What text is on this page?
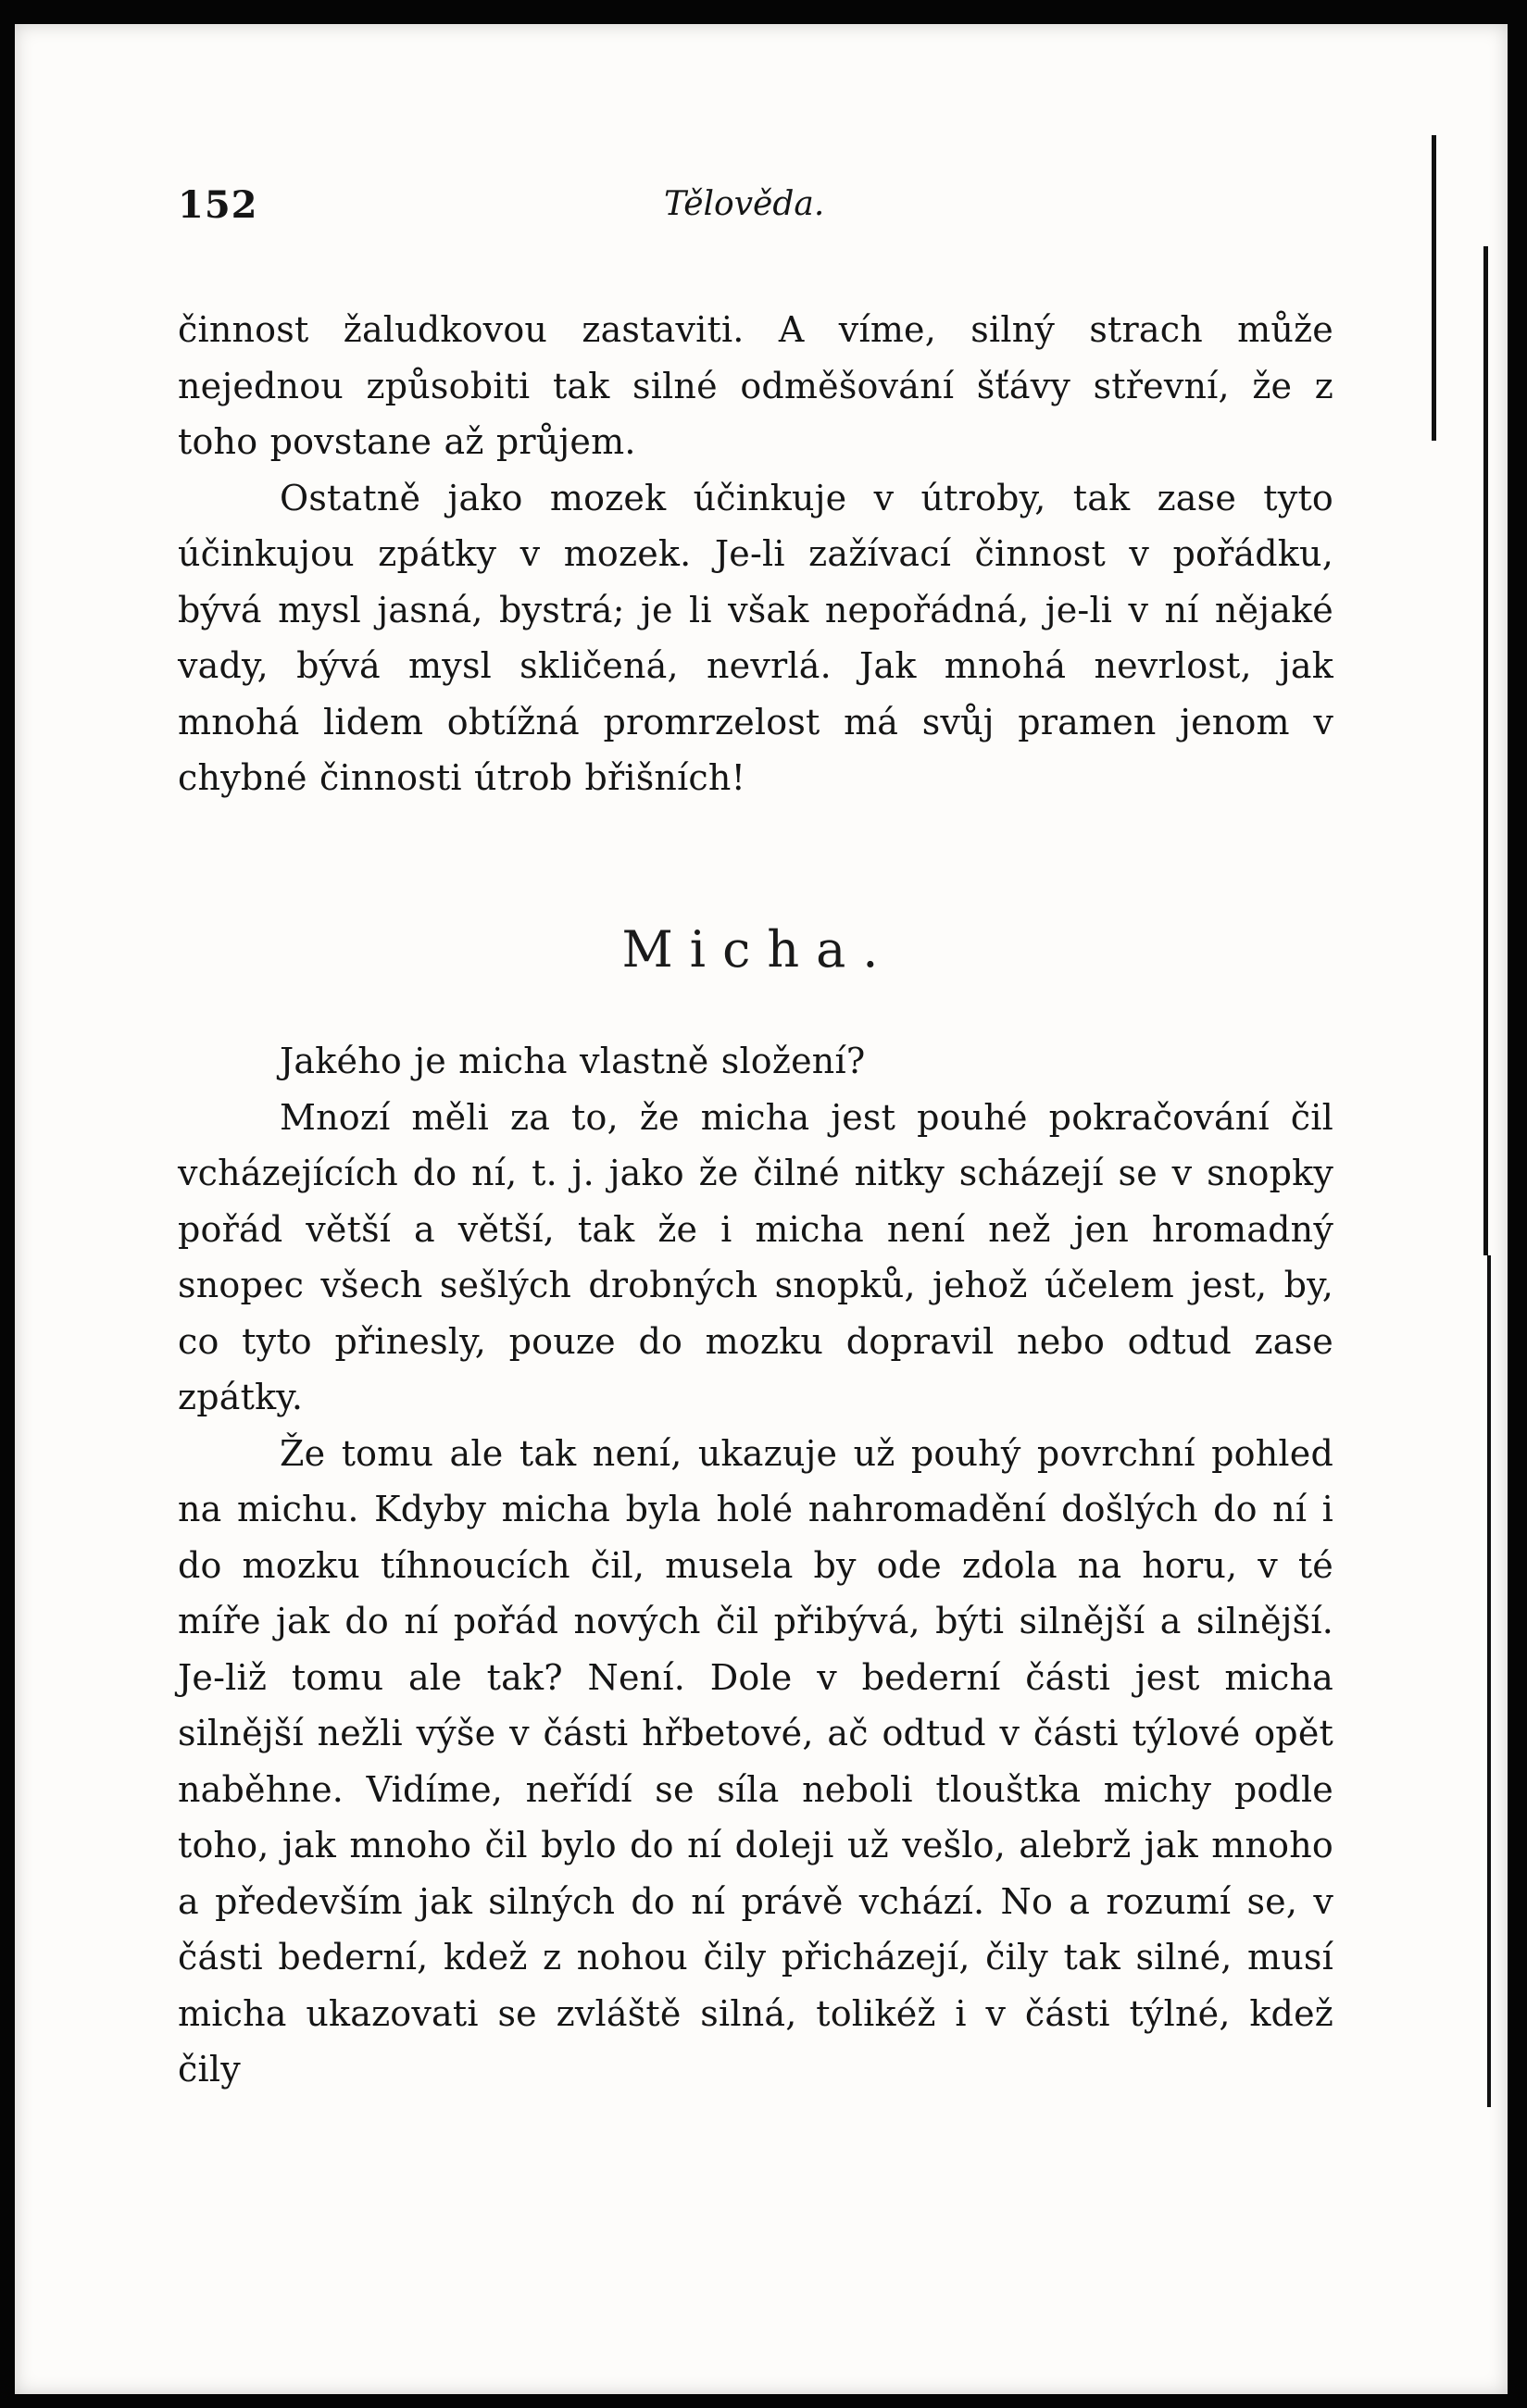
152	Tělověda.

činnost žaludkovou zastaviti. A víme, silný strach může nejednou způsobiti tak silné odměšování šťávy střevní, že z toho povstane až průjem.

Ostatně jako mozek účinkuje v útroby, tak zase tyto účinkujou zpátky v mozek. Je-li zažívací činnost v pořádku, bývá mysl jasná, bystrá; je li však nepořádná, je-li v ní nějaké vady, bývá mysl skličená, nevrlá. Jak mnohá nevrlost, jak mnohá lidem obtížná promrzelost má svůj pramen jenom v chybné činnosti útrob břišních!

Micha.

Jakého je micha vlastně složení?

Mnozí měli za to, že micha jest pouhé pokračování čil vcházejících do ní, t. j. jako že čilné nitky scházejí se v snopky pořád větší a větší, tak že i micha není než jen hromadný snopec všech sešlých drobných snopků, jehož účelem jest, by, co tyto přinesly, pouze do mozku dopravil nebo odtud zase zpátky.

Že tomu ale tak není, ukazuje už pouhý povrchní pohled na michu. Kdyby micha byla holé nahromadění došlých do ní i do mozku tíhnoucích čil, musela by ode zdola na horu, v té míře jak do ní pořád nových čil přibývá, býti silnější a silnější. Je-liž tomu ale tak? Není. Dole v bederní části jest micha silnější nežli výše v části hřbetové, ač odtud v části týlové opět naběhne. Vidíme, neřídí se síla neboli tlouštka michy podle toho, jak mnoho čil bylo do ní doleji už vešlo, alebrž jak mnoho a především jak silných do ní právě vchází. No a rozumí se, v části bederní, kdež z nohou čily přicházejí, čily tak silné, musí micha ukazovati se zvláště silná, tolikéž i v části týlné, kdež čily
